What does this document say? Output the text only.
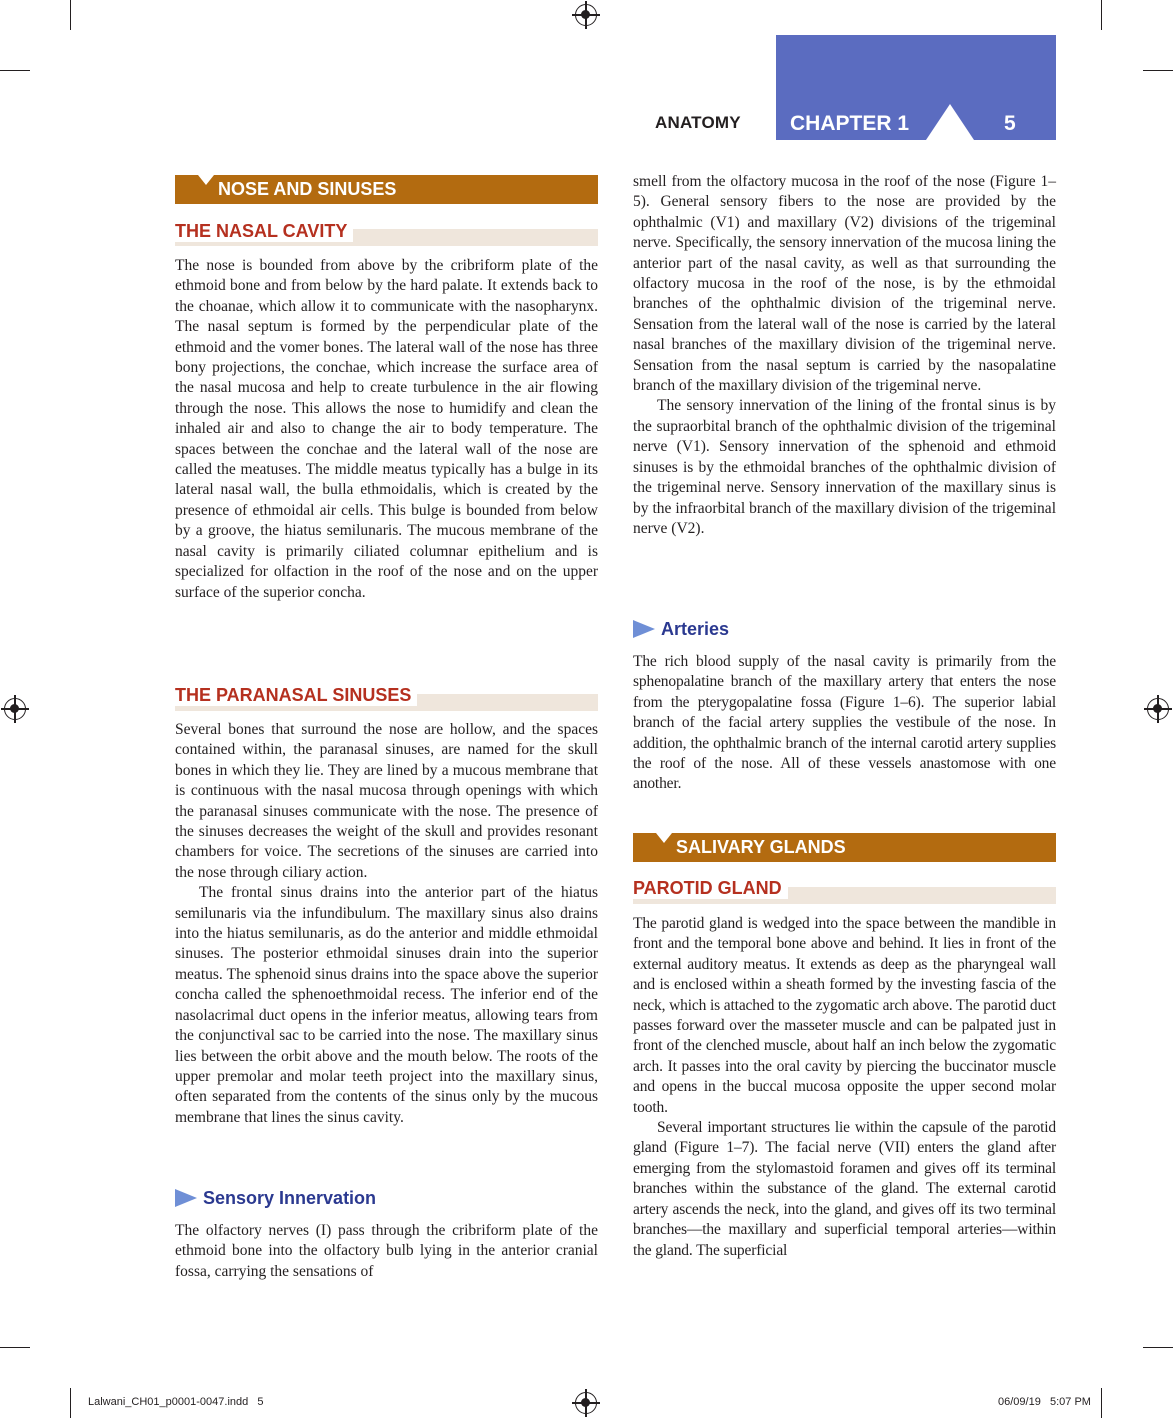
ANATOMY CHAPTER 1	5
NOSE AND SINUSES
THE NASAL CAVITY

The nose is bounded from above by the cribriform plate of the ethmoid bone and from below by the hard palate. It extends back to the choanae, which allow it to communicate with the nasopharynx. The nasal septum is formed by the perpendicular plate of the ethmoid and the vomer bones. The lateral wall of the nose has three bony projections, the conchae, which increase the surface area of the nasal mucosa and help to create turbulence in the air flowing through the nose. This allows the nose to humidify and clean the inhaled air and also to change the air to body temperature. The spaces between the conchae and the lateral wall of the nose are called the meatuses. The middle meatus typically has a bulge in its lateral nasal wall, the bulla ethmoidalis, which is created by the presence of ethmoidal air cells. This bulge is bounded from below by a groove, the hiatus semilunaris. The mucous membrane of the nasal cavity is primarily ciliated columnar epithelium and is specialized for olfaction in the roof of the nose and on the upper surface of the superior concha.

THE PARANASAL SINUSES

Several bones that surround the nose are hollow, and the spaces contained within, the paranasal sinuses, are named for the skull bones in which they lie. They are lined by a mucous membrane that is continuous with the nasal mucosa through openings with which the paranasal sinuses communicate with the nose. The presence of the sinuses decreases the weight of the skull and provides resonant chambers for voice. The secretions of the sinuses are carried into the nose through ciliary action.

The frontal sinus drains into the anterior part of the hiatus semilunaris via the infundibulum. The maxillary sinus also drains into the hiatus semilunaris, as do the anterior and middle ethmoidal sinuses. The posterior ethmoidal sinuses drain into the superior meatus. The sphenoid sinus drains into the space above the superior concha called the sphenoethmoidal recess. The inferior end of the nasolacrimal duct opens in the inferior meatus, allowing tears from the conjunctival sac to be carried into the nose. The maxillary sinus lies between the orbit above and the mouth below. The roots of the upper premolar and molar teeth project into the maxillary sinus, often separated from the contents of the sinus only by the mucous membrane that lines the sinus cavity.

Sensory Innervation

The olfactory nerves (I) pass through the cribriform plate of the ethmoid bone into the olfactory bulb lying in the anterior cranial fossa, carrying the sensations of

smell from the olfactory mucosa in the roof of the nose (Figure 1–5). General sensory fibers to the nose are provided by the ophthalmic (V1) and maxillary (V2) divisions of the trigeminal nerve. Specifically, the sensory innervation of the mucosa lining the anterior part of the nasal cavity, as well as that surrounding the olfactory mucosa in the roof of the nose, is by the ethmoidal branches of the ophthalmic division of the trigeminal nerve. Sensation from the lateral wall of the nose is carried by the lateral nasal branches of the maxillary division of the trigeminal nerve. Sensation from the nasal septum is carried by the nasopalatine branch of the maxillary division of the trigeminal nerve.

The sensory innervation of the lining of the frontal sinus is by the supraorbital branch of the ophthalmic division of the trigeminal nerve (V1). Sensory innervation of the sphenoid and ethmoid sinuses is by the ethmoidal branches of the ophthalmic division of the trigeminal nerve. Sensory innervation of the maxillary sinus is by the infraorbital branch of the maxillary division of the trigeminal nerve (V2).

Arteries

The rich blood supply of the nasal cavity is primarily from the sphenopalatine branch of the maxillary artery that enters the nose from the pterygopalatine fossa (Figure 1–6). The superior labial branch of the facial artery supplies the vestibule of the nose. In addition, the ophthalmic branch of the internal carotid artery supplies the roof of the nose. All of these vessels anastomose with one another.

SALIVARY GLANDS
PAROTID GLAND

The parotid gland is wedged into the space between the mandible in front and the temporal bone above and behind. It lies in front of the external auditory meatus. It extends as deep as the pharyngeal wall and is enclosed within a sheath formed by the investing fascia of the neck, which is attached to the zygomatic arch above. The parotid duct passes forward over the masseter muscle and can be palpated just in front of the clenched muscle, about half an inch below the zygomatic arch. It passes into the oral cavity by piercing the buccinator muscle and opens in the buccal mucosa opposite the upper second molar tooth.

Several important structures lie within the capsule of the parotid gland (Figure 1–7). The facial nerve (VII) enters the gland after emerging from the stylomastoid foramen and gives off its terminal branches within the substance of the gland. The external carotid artery ascends the neck, into the gland, and gives off its two terminal branches—the maxillary and superficial temporal arteries—within the gland. The superficial

Lalwani_CH01_p0001-0047.indd   5	06/09/19   5:07 PM
